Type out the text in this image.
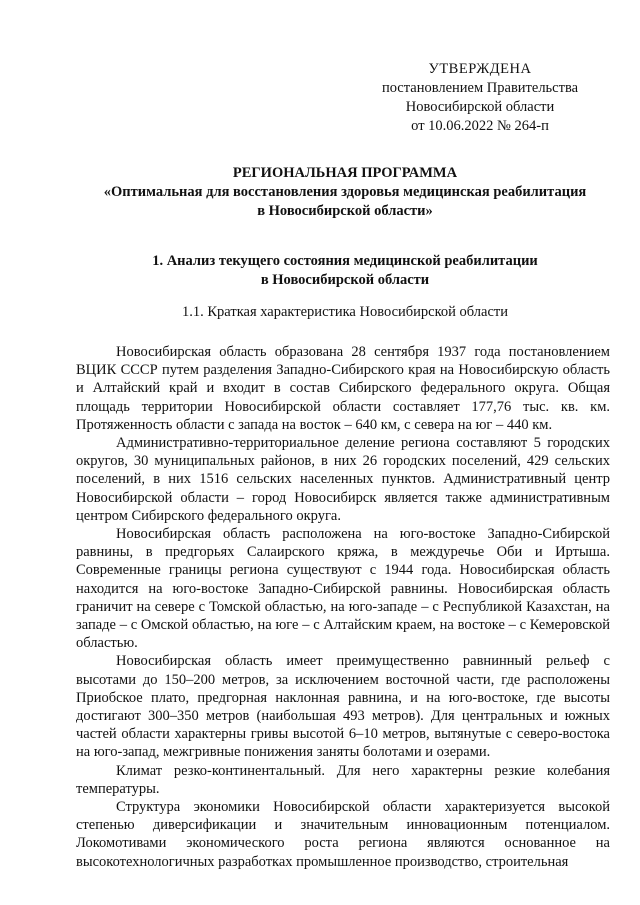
УТВЕРЖДЕНА
постановлением Правительства
Новосибирской области
от 10.06.2022 № 264-п
РЕГИОНАЛЬНАЯ ПРОГРАММА
«Оптимальная для восстановления здоровья медицинская реабилитация
в Новосибирской области»
1. Анализ текущего состояния медицинской реабилитации
в Новосибирской области
1.1. Краткая характеристика Новосибирской области

Новосибирская область образована 28 сентября 1937 года постановлением ВЦИК СССР путем разделения Западно-Сибирского края на Новосибирскую область и Алтайский край и входит в состав Сибирского федерального округа. Общая площадь территории Новосибирской области составляет 177,76 тыс. кв. км. Протяженность области с запада на восток – 640 км, с севера на юг – 440 км.

Административно-территориальное деление региона составляют 5 городских округов, 30 муниципальных районов, в них 26 городских поселений, 429 сельских поселений, в них 1516 сельских населенных пунктов. Административный центр Новосибирской области – город Новосибирск является также административным центром Сибирского федерального округа.

Новосибирская область расположена на юго-востоке Западно-Сибирской равнины, в предгорьях Салаирского кряжа, в междуречье Оби и Иртыша. Современные границы региона существуют с 1944 года. Новосибирская область находится на юго-востоке Западно-Сибирской равнины. Новосибирская область граничит на севере с Томской областью, на юго-западе – с Республикой Казахстан, на западе – с Омской областью, на юге – с Алтайским краем, на востоке – с Кемеровской областью.

Новосибирская область имеет преимущественно равнинный рельеф с высотами до 150–200 метров, за исключением восточной части, где расположены Приобское плато, предгорная наклонная равнина, и на юго-востоке, где высоты достигают 300–350 метров (наибольшая 493 метров). Для центральных и южных частей области характерны гривы высотой 6–10 метров, вытянутые с северо-востока на юго-запад, межгривные понижения заняты болотами и озерами.

Климат резко-континентальный. Для него характерны резкие колебания температуры.

Структура экономики Новосибирской области характеризуется высокой степенью диверсификации и значительным инновационным потенциалом. Локомотивами экономического роста региона являются основанное на высокотехнологичных разработках промышленное производство, строительная
